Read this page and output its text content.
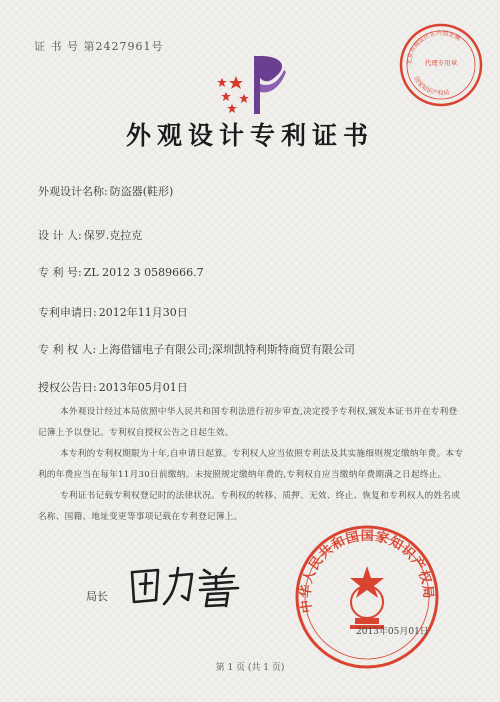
证 书 号 第2427961号
北京市海淀区东升园北侧
代理专用章
国家知识产权局
外观设计专利证书
外观设计名称: 防盗器(鞋形)
设 计 人: 保罗.克拉克
专 利 号: ZL 2012 3 0589666.7
专利申请日: 2012年11月30日
专 利 权 人: 上海借镭电子有限公司;深圳凯特利斯特商贸有限公司
授权公告日: 2013年05月01日

本外观设计经过本局依照中华人民共和国专利法进行初步审查,决定授予专利权,颁发本证书并在专利登记簿上予以登记。专利权自授权公告之日起生效。

本专利的专利权期限为十年,自申请日起算。专利权人应当依照专利法及其实施细则规定缴纳年费。本专利的年费应当在每年11月30日前缴纳。未按照规定缴纳年费的,专利权自应当缴纳年费期满之日起终止。

专利证书记载专利权登记时的法律状况。专利权的转移、质押、无效、终止、恢复和专利权人的姓名或名称、国籍、地址变更等事项记载在专利登记簿上。

局长
中华人民共和国国家知识产权局
2013年05月01日
第 1 页 (共 1 页)
